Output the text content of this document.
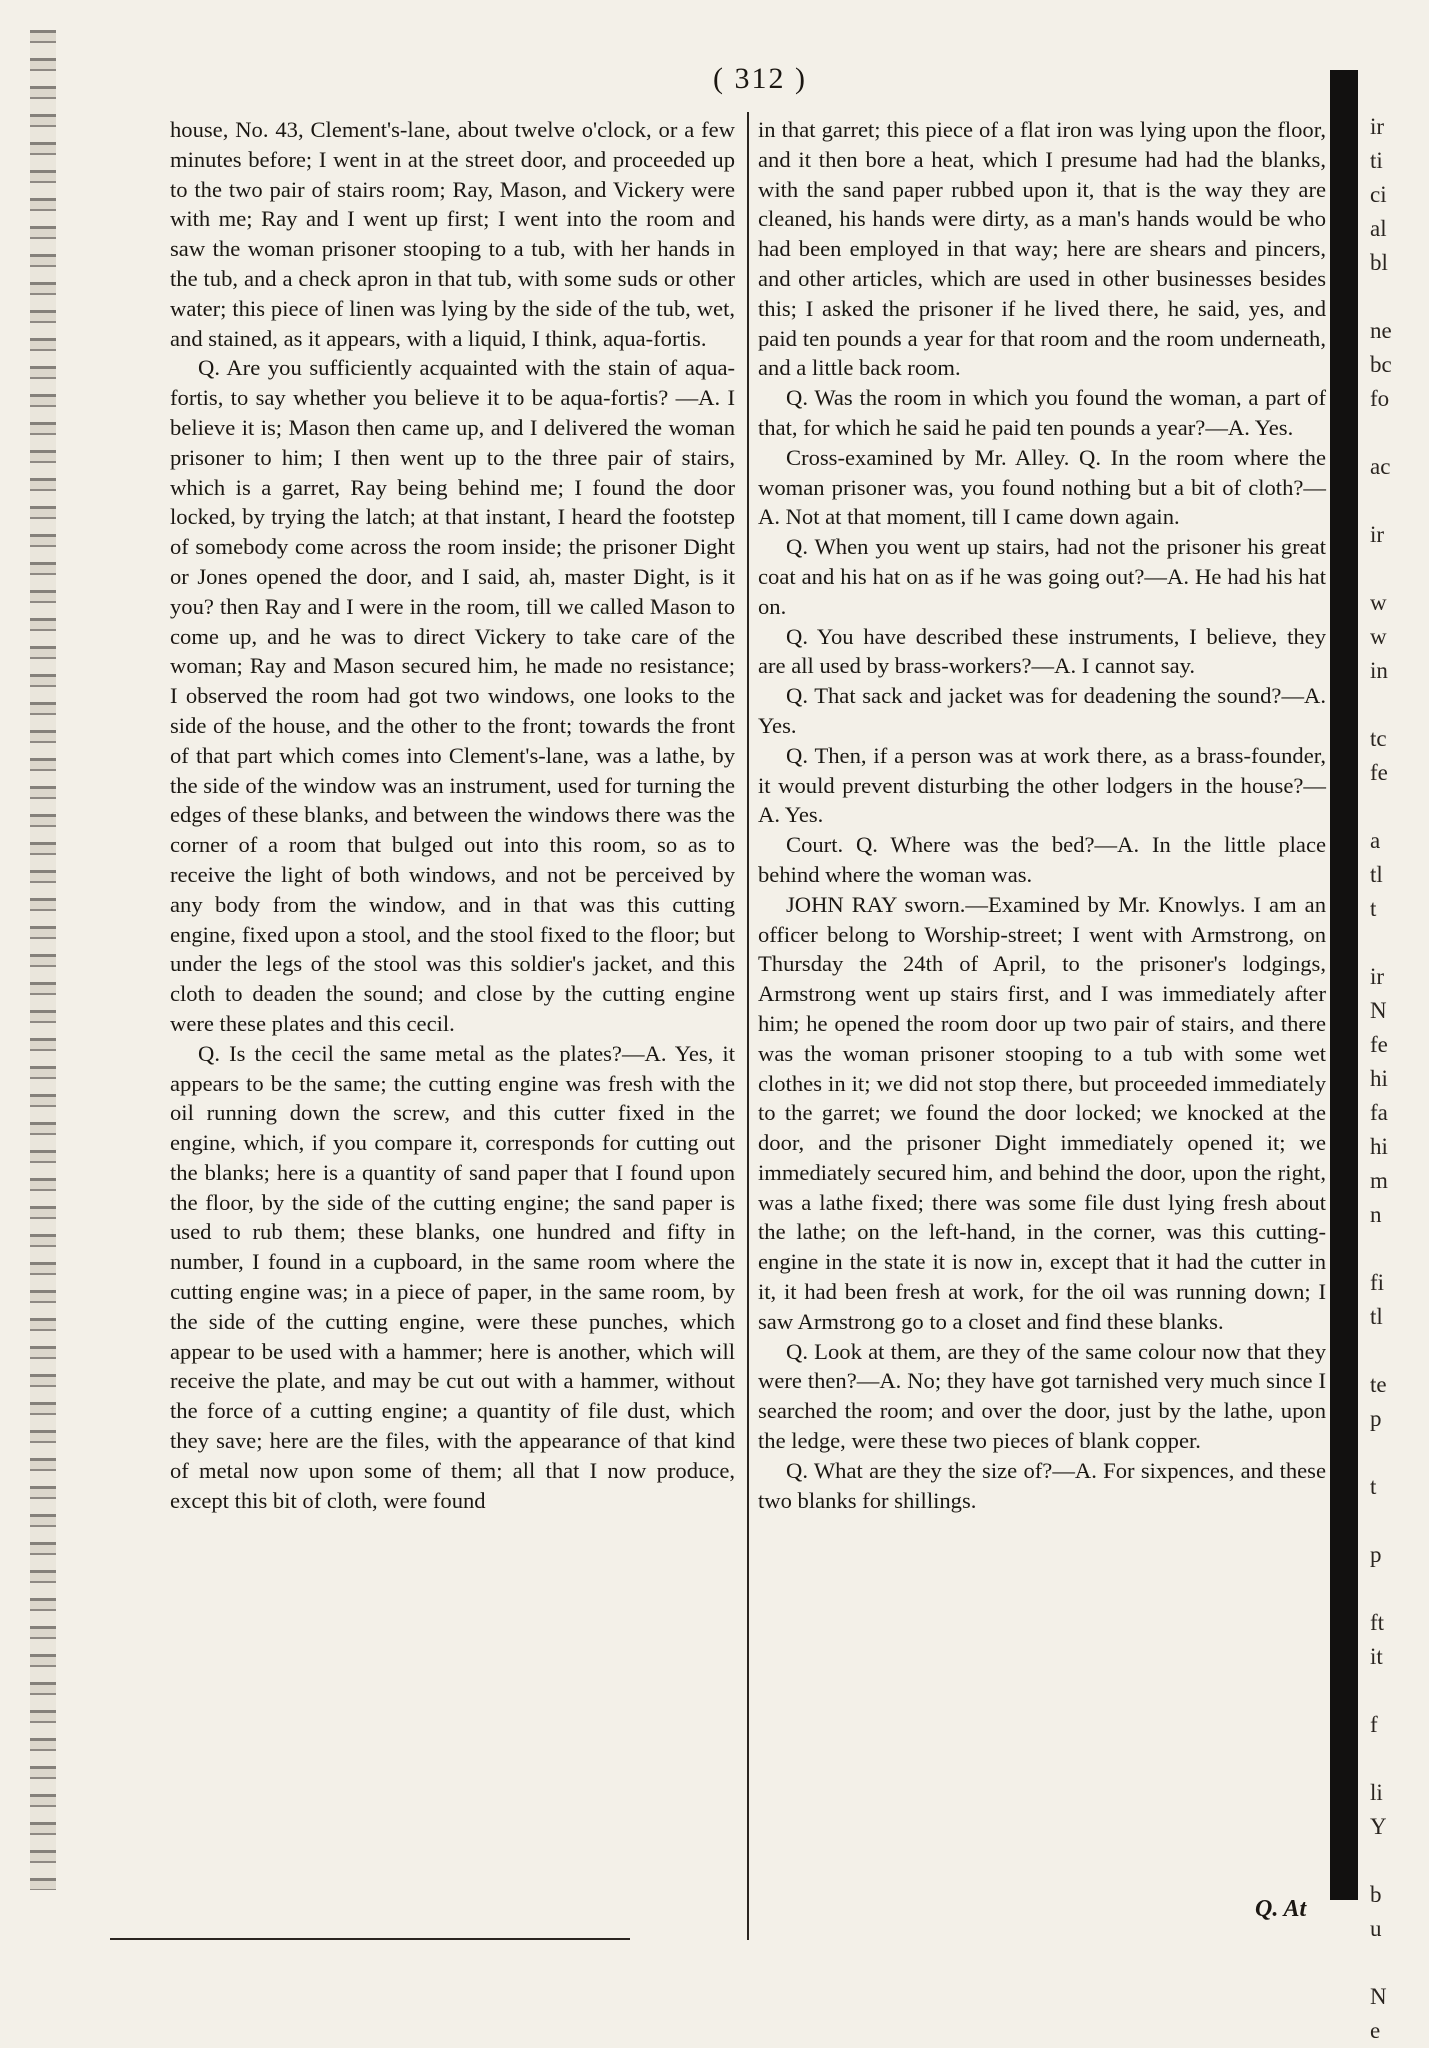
( 312 )

house, No. 43, Clement's-lane, about twelve o'clock, or a few minutes before; I went in at the street door, and proceeded up to the two pair of stairs room; Ray, Mason, and Vickery were with me; Ray and I went up first; I went into the room and saw the woman prisoner stooping to a tub, with her hands in the tub, and a check apron in that tub, with some suds or other water; this piece of linen was lying by the side of the tub, wet, and stained, as it appears, with a liquid, I think, aqua-fortis.

Q. Are you sufficiently acquainted with the stain of aqua-fortis, to say whether you believe it to be aqua-fortis? —A. I believe it is; Mason then came up, and I delivered the woman prisoner to him; I then went up to the three pair of stairs, which is a garret, Ray being behind me; I found the door locked, by trying the latch; at that instant, I heard the footstep of somebody come across the room inside; the prisoner Dight or Jones opened the door, and I said, ah, master Dight, is it you? then Ray and I were in the room, till we called Mason to come up, and he was to direct Vickery to take care of the woman; Ray and Mason secured him, he made no resistance; I observed the room had got two windows, one looks to the side of the house, and the other to the front; towards the front of that part which comes into Clement's-lane, was a lathe, by the side of the window was an instrument, used for turning the edges of these blanks, and between the windows there was the corner of a room that bulged out into this room, so as to receive the light of both windows, and not be perceived by any body from the window, and in that was this cutting engine, fixed upon a stool, and the stool fixed to the floor; but under the legs of the stool was this soldier's jacket, and this cloth to deaden the sound; and close by the cutting engine were these plates and this cecil.

Q. Is the cecil the same metal as the plates?—A. Yes, it appears to be the same; the cutting engine was fresh with the oil running down the screw, and this cutter fixed in the engine, which, if you compare it, corresponds for cutting out the blanks; here is a quantity of sand paper that I found upon the floor, by the side of the cutting engine; the sand paper is used to rub them; these blanks, one hundred and fifty in number, I found in a cupboard, in the same room where the cutting engine was; in a piece of paper, in the same room, by the side of the cutting engine, were these punches, which appear to be used with a hammer; here is another, which will receive the plate, and may be cut out with a hammer, without the force of a cutting engine; a quantity of file dust, which they save; here are the files, with the appearance of that kind of metal now upon some of them; all that I now produce, except this bit of cloth, were found

in that garret; this piece of a flat iron was lying upon the floor, and it then bore a heat, which I presume had had the blanks, with the sand paper rubbed upon it, that is the way they are cleaned, his hands were dirty, as a man's hands would be who had been employed in that way; here are shears and pincers, and other articles, which are used in other businesses besides this; I asked the prisoner if he lived there, he said, yes, and paid ten pounds a year for that room and the room underneath, and a little back room.

Q. Was the room in which you found the woman, a part of that, for which he said he paid ten pounds a year?—A. Yes.

Cross-examined by Mr. Alley. Q. In the room where the woman prisoner was, you found nothing but a bit of cloth?—A. Not at that moment, till I came down again.

Q. When you went up stairs, had not the prisoner his great coat and his hat on as if he was going out?—A. He had his hat on.

Q. You have described these instruments, I believe, they are all used by brass-workers?—A. I cannot say.

Q. That sack and jacket was for deadening the sound?—A. Yes.

Q. Then, if a person was at work there, as a brass-founder, it would prevent disturbing the other lodgers in the house?—A. Yes.

Court. Q. Where was the bed?—A. In the little place behind where the woman was.

JOHN RAY sworn.—Examined by Mr. Knowlys. I am an officer belong to Worship-street; I went with Armstrong, on Thursday the 24th of April, to the prisoner's lodgings, Armstrong went up stairs first, and I was immediately after him; he opened the room door up two pair of stairs, and there was the woman prisoner stooping to a tub with some wet clothes in it; we did not stop there, but proceeded immediately to the garret; we found the door locked; we knocked at the door, and the prisoner Dight immediately opened it; we immediately secured him, and behind the door, upon the right, was a lathe fixed; there was some file dust lying fresh about the lathe; on the left-hand, in the corner, was this cutting-engine in the state it is now in, except that it had the cutter in it, it had been fresh at work, for the oil was running down; I saw Armstrong go to a closet and find these blanks.

Q. Look at them, are they of the same colour now that they were then?—A. No; they have got tarnished very much since I searched the room; and over the door, just by the lathe, upon the ledge, were these two pieces of blank copper.

Q. What are they the size of?—A. For sixpences, and these two blanks for shillings.

Q. At
ir
ti
ci
al
bl
ne
bc
fo
ac
ir
w
w
in
tc
fe
a
tl
t
ir
N
fe
hi
fa
hi
m
n
fi
tl
te
p
t
p
ft
it
f
li
Y
b
u
N
e
